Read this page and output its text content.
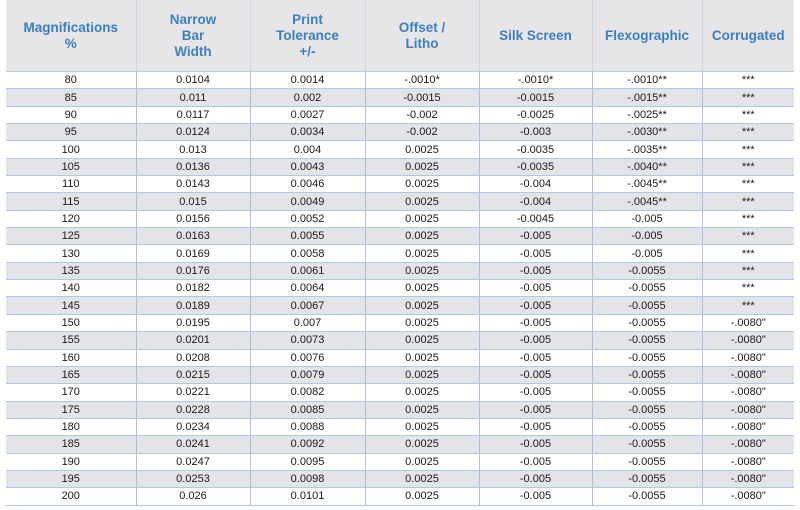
Magnifications
%	Narrow
Bar
Width	Print
Tolerance
+/-	Offset /
Litho	Silk Screen	Flexographic	Corrugated
80	0.0104	0.0014	-.0010*	-.0010*	-.0010**	***
85	0.011	0.002	-0.0015	-0.0015	-.0015**	***
90	0.0117	0.0027	-0.002	-0.0025	-.0025**	***
95	0.0124	0.0034	-0.002	-0.003	-.0030**	***
100	0.013	0.004	0.0025	-0.0035	-.0035**	***
105	0.0136	0.0043	0.0025	-0.0035	-.0040**	***
110	0.0143	0.0046	0.0025	-0.004	-.0045**	***
115	0.015	0.0049	0.0025	-0.004	-.0045**	***
120	0.0156	0.0052	0.0025	-0.0045	-0.005	***
125	0.0163	0.0055	0.0025	-0.005	-0.005	***
130	0.0169	0.0058	0.0025	-0.005	-0.005	***
135	0.0176	0.0061	0.0025	-0.005	-0.0055	***
140	0.0182	0.0064	0.0025	-0.005	-0.0055	***
145	0.0189	0.0067	0.0025	-0.005	-0.0055	***
150	0.0195	0.007	0.0025	-0.005	-0.0055	-.0080"
155	0.0201	0.0073	0.0025	-0.005	-0.0055	-.0080"
160	0.0208	0.0076	0.0025	-0.005	-0.0055	-.0080"
165	0.0215	0.0079	0.0025	-0.005	-0.0055	-.0080"
170	0.0221	0.0082	0.0025	-0.005	-0.0055	-.0080"
175	0.0228	0.0085	0.0025	-0.005	-0.0055	-.0080"
180	0.0234	0.0088	0.0025	-0.005	-0.0055	-.0080"
185	0.0241	0.0092	0.0025	-0.005	-0.0055	-.0080"
190	0.0247	0.0095	0.0025	-0.005	-0.0055	-.0080"
195	0.0253	0.0098	0.0025	-0.005	-0.0055	-.0080"
200	0.026	0.0101	0.0025	-0.005	-0.0055	-.0080"
